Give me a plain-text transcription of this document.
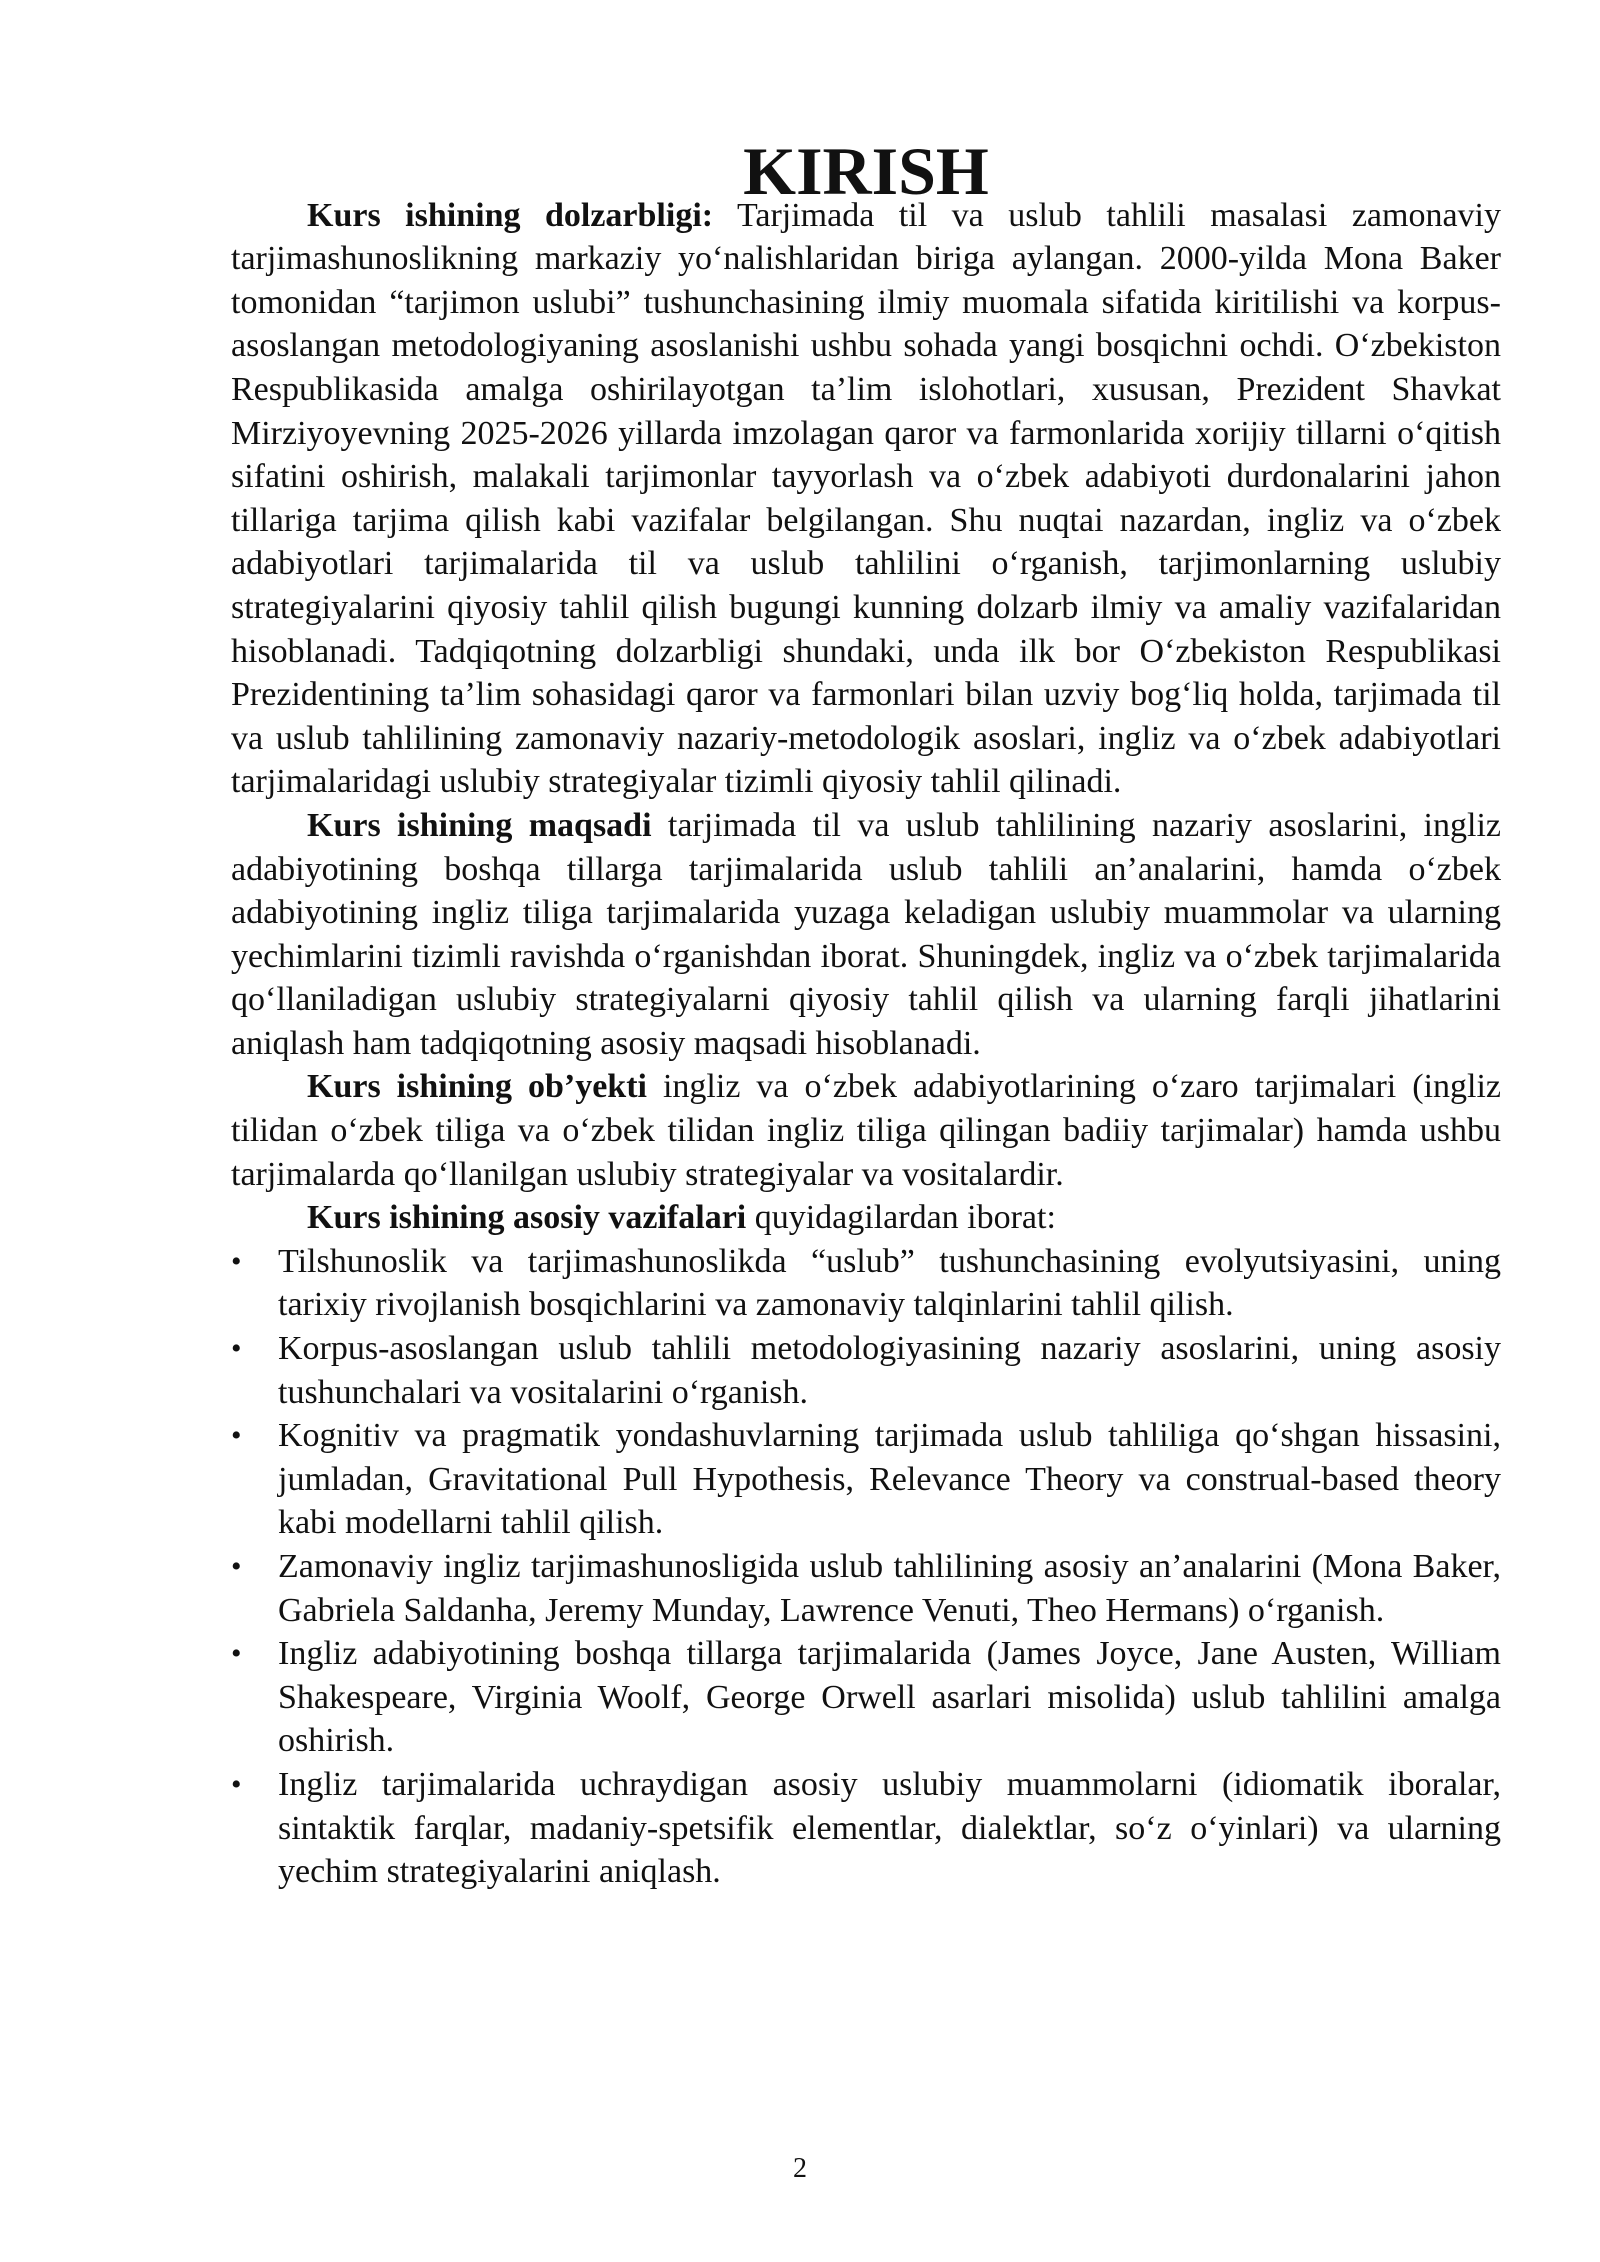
KIRISH

Kurs ishining dolzarbligi: Tarjimada til va uslub tahlili masalasi zamonaviy tarjimashunoslikning markaziy yo‘nalishlaridan biriga aylangan. 2000-yilda Mona Baker tomonidan “tarjimon uslubi” tushunchasining ilmiy muomala sifatida kiritilishi va korpus-asoslangan metodologiyaning asoslanishi ushbu sohada yangi bosqichni ochdi. O‘zbekiston Respublikasida amalga oshirilayotgan ta’lim islohotlari, xususan, Prezident Shavkat Mirziyoyevning 2025-2026 yillarda imzolagan qaror va farmonlarida xorijiy tillarni o‘qitish sifatini oshirish, malakali tarjimonlar tayyorlash va o‘zbek adabiyoti durdonalarini jahon tillariga tarjima qilish kabi vazifalar belgilangan. Shu nuqtai nazardan, ingliz va o‘zbek adabiyotlari tarjimalarida til va uslub tahlilini o‘rganish, tarjimonlarning uslubiy strategiyalarini qiyosiy tahlil qilish bugungi kunning dolzarb ilmiy va amaliy vazifalaridan hisoblanadi. Tadqiqotning dolzarbligi shundaki, unda ilk bor O‘zbekiston Respublikasi Prezidentining ta’lim sohasidagi qaror va farmonlari bilan uzviy bog‘liq holda, tarjimada til va uslub tahlilining zamonaviy nazariy-metodologik asoslari, ingliz va o‘zbek adabiyotlari tarjimalaridagi uslubiy strategiyalar tizimli qiyosiy tahlil qilinadi.

Kurs ishining maqsadi tarjimada til va uslub tahlilining nazariy asoslarini, ingliz adabiyotining boshqa tillarga tarjimalarida uslub tahlili an’analarini, hamda o‘zbek adabiyotining ingliz tiliga tarjimalarida yuzaga keladigan uslubiy muammolar va ularning yechimlarini tizimli ravishda o‘rganishdan iborat. Shuningdek, ingliz va o‘zbek tarjimalarida qo‘llaniladigan uslubiy strategiyalarni qiyosiy tahlil qilish va ularning farqli jihatlarini aniqlash ham tadqiqotning asosiy maqsadi hisoblanadi.

Kurs ishining ob’yekti ingliz va o‘zbek adabiyotlarining o‘zaro tarjimalari (ingliz tilidan o‘zbek tiliga va o‘zbek tilidan ingliz tiliga qilingan badiiy tarjimalar) hamda ushbu tarjimalarda qo‘llanilgan uslubiy strategiyalar va vositalardir.

Kurs ishining asosiy vazifalari quyidagilardan iborat:

• Tilshunoslik va tarjimashunoslikda “uslub” tushunchasining evolyutsiyasini, uning tarixiy rivojlanish bosqichlarini va zamonaviy talqinlarini tahlil qilish.
• Korpus-asoslangan uslub tahlili metodologiyasining nazariy asoslarini, uning asosiy tushunchalari va vositalarini o‘rganish.
• Kognitiv va pragmatik yondashuvlarning tarjimada uslub tahliliga qo‘shgan hissasini, jumladan, Gravitational Pull Hypothesis, Relevance Theory va construal-based theory kabi modellarni tahlil qilish.
• Zamonaviy ingliz tarjimashunosligida uslub tahlilining asosiy an’analarini (Mona Baker, Gabriela Saldanha, Jeremy Munday, Lawrence Venuti, Theo Hermans) o‘rganish.
• Ingliz adabiyotining boshqa tillarga tarjimalarida (James Joyce, Jane Austen, William Shakespeare, Virginia Woolf, George Orwell asarlari misolida) uslub tahlilini amalga oshirish.
• Ingliz tarjimalarida uchraydigan asosiy uslubiy muammolarni (idiomatik iboralar, sintaktik farqlar, madaniy-spetsifik elementlar, dialektlar, so‘z o‘yinlari) va ularning yechim strategiyalarini aniqlash.
2
